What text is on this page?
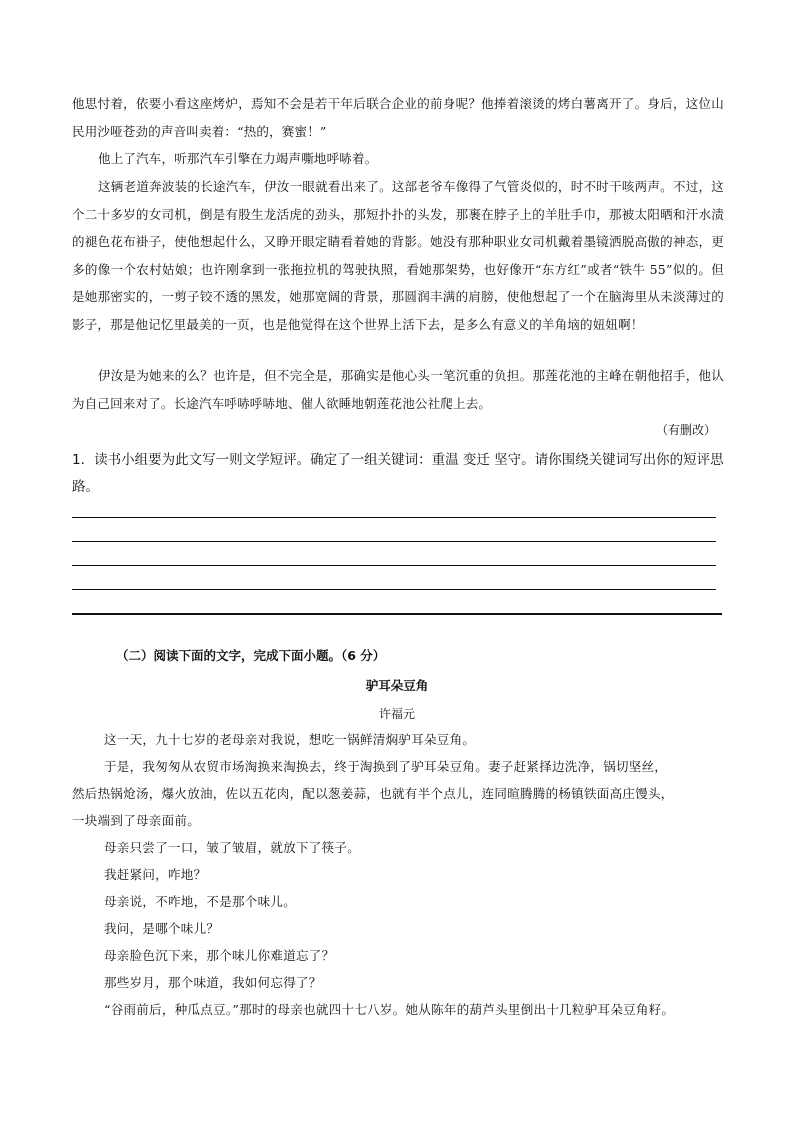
他思忖着，依要小看这座烤炉，焉知不会是若干年后联合企业的前身呢？他捧着滚烫的烤白薯离开了。身后，这位山民用沙哑苍劲的声音叫卖着：“热的，赛蜜！”

他上了汽车，听那汽车引擎在力竭声嘶地呼哧着。

这辆老道奔波装的长途汽车，伊汝一眼就看出来了。这部老爷车像得了气管炎似的，时不时干咳两声。不过，这个二十多岁的女司机，倒是有股生龙活虎的劲头，那短扑扑的头发，那裹在脖子上的羊肚手巾，那被太阳晒和汗水渍的褪色花布褂子，使他想起什么，又睁开眼定睛看着她的背影。她没有那种职业女司机戴着墨镜洒脱高傲的神态，更多的像一个农村姑娘；也许刚拿到一张拖拉机的驾驶执照，看她那架势，也好像开“东方红”或者“铁牛 55”似的。但是她那密实的，一剪子铰不透的黑发，她那宽阔的背景，那圆润丰满的肩膀，使他想起了一个在脑海里从未淡薄过的影子，那是他记忆里最美的一页，也是他觉得在这个世界上活下去，是多么有意义的羊角垴的妞妞啊！

伊汝是为她来的么？也许是，但不完全是，那确实是他心头一笔沉重的负担。那莲花池的主峰在朝他招手，他认为自己回来对了。长途汽车呼哧呼哧地、催人欲睡地朝莲花池公社爬上去。

（有删改）

1．读书小组要为此文写一则文学短评。确定了一组关键词：重温 变迁 坚守。请你围绕关键词写出你的短评思路。

（二）阅读下面的文字，完成下面小题。（6 分）
驴耳朵豆角
许福元
这一天，九十七岁的老母亲对我说，想吃一锅鲜清焖驴耳朵豆角。
于是，我匆匆从农贸市场淘换来淘换去，终于淘换到了驴耳朵豆角。妻子赶紧择边洗净，锅切坚丝，
然后热锅炝汤，爆火放油，佐以五花肉，配以葱姜蒜，也就有半个点儿，连同暄腾腾的杨镇铁面高庄馒头，
一块端到了母亲面前。
母亲只尝了一口，皱了皱眉，就放下了筷子。
我赶紧问，咋地？
母亲说，不咋地，不是那个味儿。
我问，是哪个味儿？
母亲脸色沉下来，那个味儿你难道忘了？
那些岁月，那个味道，我如何忘得了？
“谷雨前后，种瓜点豆。”那时的母亲也就四十七八岁。她从陈年的葫芦头里倒出十几粒驴耳朵豆角籽。
